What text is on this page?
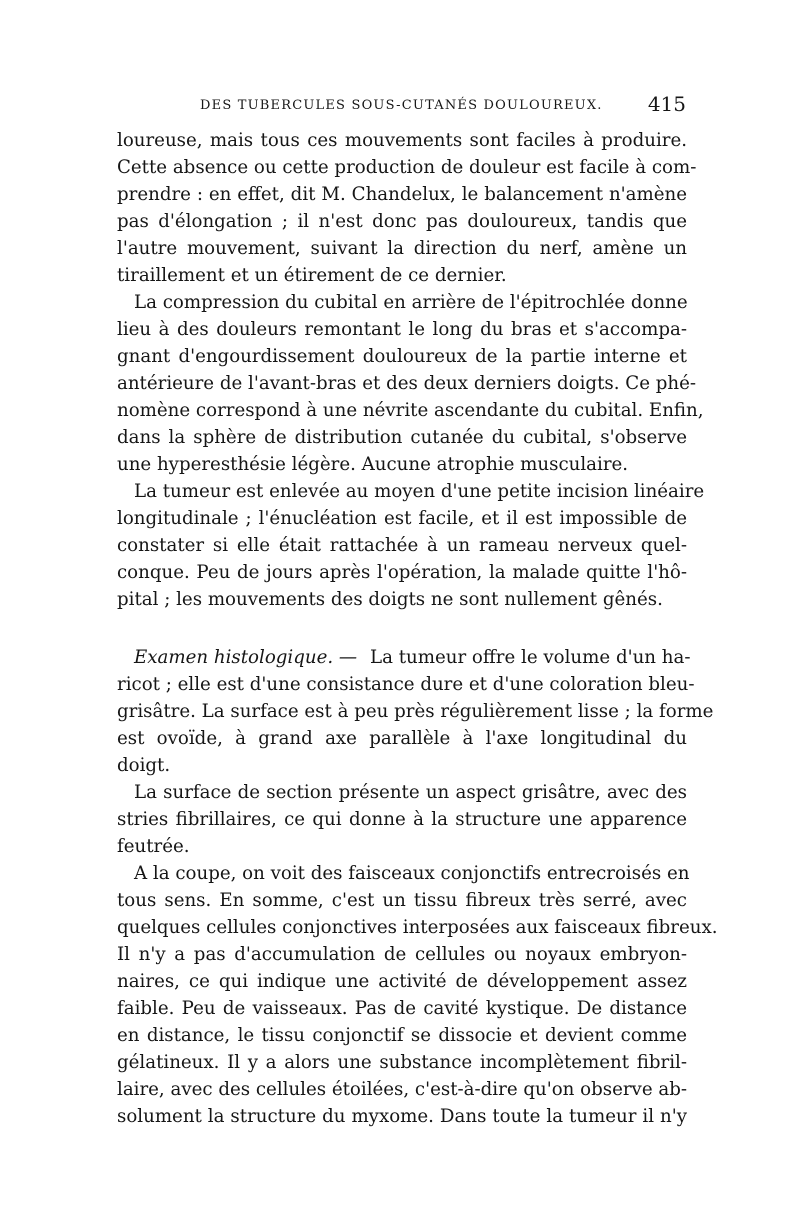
DES TUBERCULES SOUS-CUTANÉS DOULOUREUX. 415
loureuse, mais tous ces mouvements sont faciles à produire.
Cette absence ou cette production de douleur est facile à com-
prendre : en effet, dit M. Chandelux, le balancement n'amène
pas d'élongation ; il n'est donc pas douloureux, tandis que
l'autre mouvement, suivant la direction du nerf, amène un
tiraillement et un étirement de ce dernier.
La compression du cubital en arrière de l'épitrochlée donne
lieu à des douleurs remontant le long du bras et s'accompa-
gnant d'engourdissement douloureux de la partie interne et
antérieure de l'avant-bras et des deux derniers doigts. Ce phé-
nomène correspond à une névrite ascendante du cubital. Enfin,
dans la sphère de distribution cutanée du cubital, s'observe
une hyperesthésie légère. Aucune atrophie musculaire.
La tumeur est enlevée au moyen d'une petite incision linéaire
longitudinale ; l'énucléation est facile, et il est impossible de
constater si elle était rattachée à un rameau nerveux quel-
conque. Peu de jours après l'opération, la malade quitte l'hô-
pital ; les mouvements des doigts ne sont nullement gênés.
Examen histologique. — La tumeur offre le volume d'un ha-
ricot ; elle est d'une consistance dure et d'une coloration bleu-
grisâtre. La surface est à peu près régulièrement lisse ; la forme
est ovoïde, à grand axe parallèle à l'axe longitudinal du
doigt.
La surface de section présente un aspect grisâtre, avec des
stries fibrillaires, ce qui donne à la structure une apparence
feutrée.
A la coupe, on voit des faisceaux conjonctifs entrecroisés en
tous sens. En somme, c'est un tissu fibreux très serré, avec
quelques cellules conjonctives interposées aux faisceaux fibreux.
Il n'y a pas d'accumulation de cellules ou noyaux embryon-
naires, ce qui indique une activité de développement assez
faible. Peu de vaisseaux. Pas de cavité kystique. De distance
en distance, le tissu conjonctif se dissocie et devient comme
gélatineux. Il y a alors une substance incomplètement fibril-
laire, avec des cellules étoilées, c'est-à-dire qu'on observe ab-
solument la structure du myxome. Dans toute la tumeur il n'y
